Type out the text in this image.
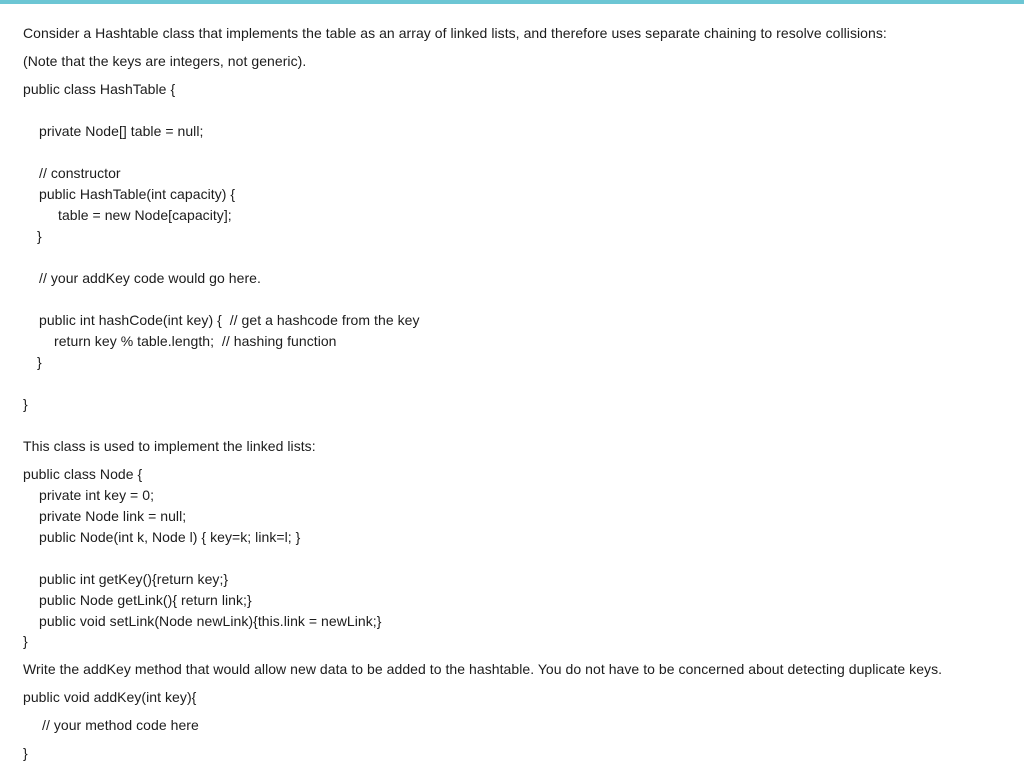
Consider a Hashtable class that implements the table as an array of linked lists, and therefore uses separate chaining to resolve collisions:
(Note that the keys are integers, not generic).
public class HashTable {
private Node[] table = null;
// constructor
public HashTable(int capacity) {
table = new Node[capacity];
}
// your addKey code would go here.
public int hashCode(int key) {  // get a hashcode from the key
return key % table.length;  // hashing function
}
}
This class is used to implement the linked lists:
public class Node {
private int key = 0;
private Node link = null;
public Node(int k, Node l) { key=k; link=l; }
public int getKey(){return key;}
public Node getLink(){ return link;}
public void setLink(Node newLink){this.link = newLink;}
}
Write the addKey method that would allow new data to be added to the hashtable. You do not have to be concerned about detecting duplicate keys.
public void addKey(int key){
// your method code here
}
